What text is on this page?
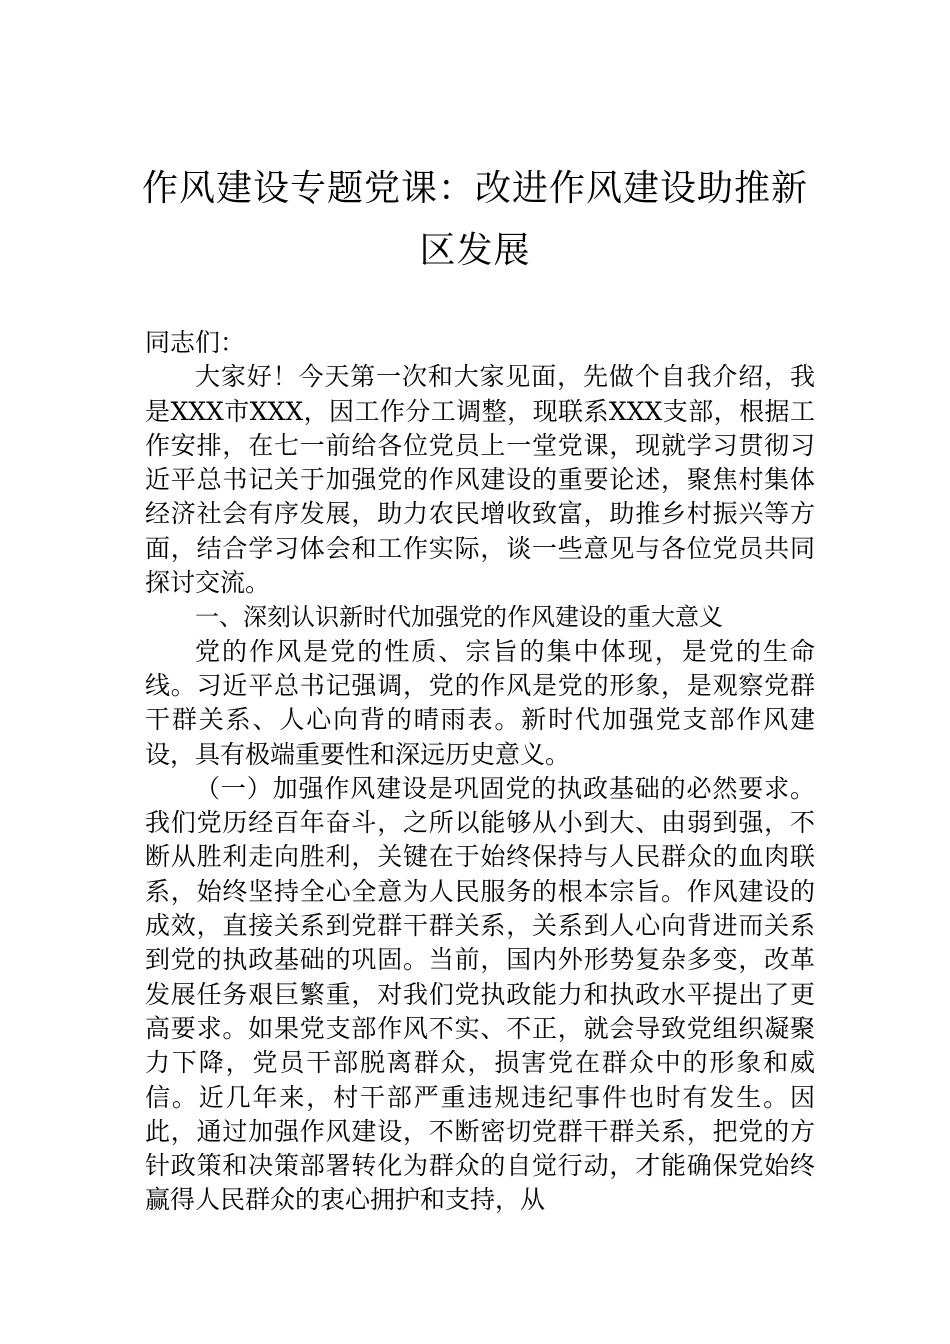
作风建设专题党课：改进作风建设助推新
区发展

同志们：

大家好！今天第一次和大家见面，先做个自我介绍，我是XXX市XXX，因工作分工调整，现联系XXX支部，根据工作安排，在七一前给各位党员上一堂党课，现就学习贯彻习近平总书记关于加强党的作风建设的重要论述，聚焦村集体经济社会有序发展，助力农民增收致富，助推乡村振兴等方面，结合学习体会和工作实际，谈一些意见与各位党员共同探讨交流。

一、深刻认识新时代加强党的作风建设的重大意义

党的作风是党的性质、宗旨的集中体现，是党的生命线。习近平总书记强调，党的作风是党的形象，是观察党群干群关系、人心向背的晴雨表。新时代加强党支部作风建设，具有极端重要性和深远历史意义。

（一）加强作风建设是巩固党的执政基础的必然要求。我们党历经百年奋斗，之所以能够从小到大、由弱到强，不断从胜利走向胜利，关键在于始终保持与人民群众的血肉联系，始终坚持全心全意为人民服务的根本宗旨。作风建设的成效，直接关系到党群干群关系，关系到人心向背进而关系到党的执政基础的巩固。当前，国内外形势复杂多变，改革发展任务艰巨繁重，对我们党执政能力和执政水平提出了更高要求。如果党支部作风不实、不正，就会导致党组织凝聚力下降，党员干部脱离群众，损害党在群众中的形象和威信。近几年来，村干部严重违规违纪事件也时有发生。因此，通过加强作风建设，不断密切党群干群关系，把党的方针政策和决策部署转化为群众的自觉行动，才能确保党始终赢得人民群众的衷心拥护和支持，从
